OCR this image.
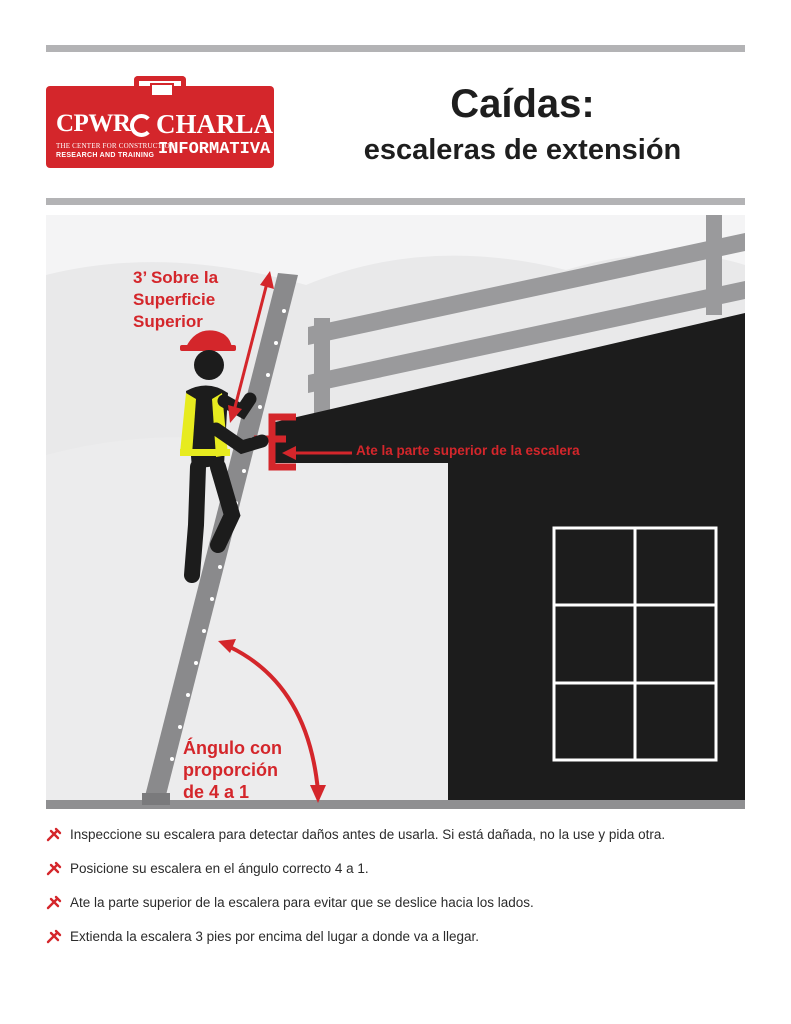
CPWR CHARLA
THE CENTER FOR CONSTRUCTION
RESEARCH AND TRAINING INFORMATIVA
Caídas:
escaleras de extensión
3’ Sobre la
Superficie
Superior
Ate la parte superior de la escalera
Ángulo con
proporción
de 4 a 1
Inspeccione su escalera para detectar daños antes de usarla. Si está dañada, no la use y pida otra.
Posicione su escalera en el ángulo correcto 4 a 1.
Ate la parte superior de la escalera para evitar que se deslice hacia los lados.
Extienda la escalera 3 pies por encima del lugar a donde va a llegar.
